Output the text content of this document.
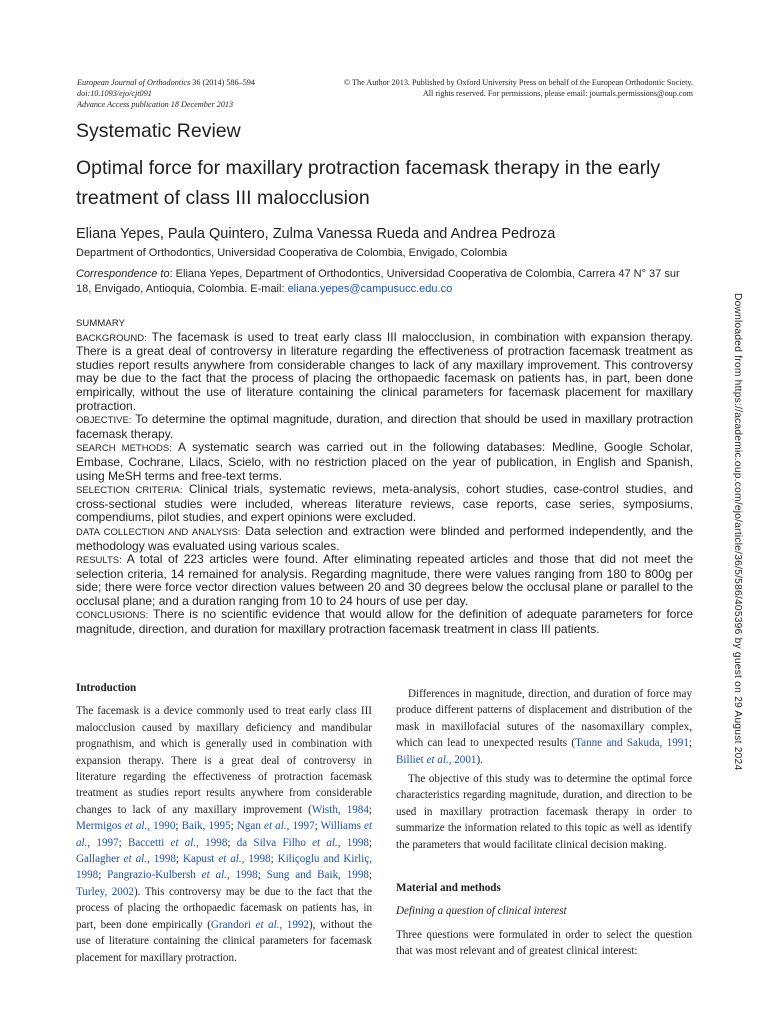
European Journal of Orthodontics 36 (2014) 586–594
doi:10.1093/ejo/cjt091
Advance Access publication 18 December 2013
© The Author 2013. Published by Oxford University Press on behalf of the European Orthodontic Society.
All rights reserved. For permissions, please email: journals.permissions@oup.com
Systematic Review
Optimal force for maxillary protraction facemask therapy in the early treatment of class III malocclusion
Eliana Yepes, Paula Quintero, Zulma Vanessa Rueda and Andrea Pedroza
Department of Orthodontics, Universidad Cooperativa de Colombia, Envigado, Colombia
Correspondence to: Eliana Yepes, Department of Orthodontics, Universidad Cooperativa de Colombia, Carrera 47 N° 37 sur 18, Envigado, Antioquia, Colombia. E-mail: eliana.yepes@campusucc.edu.co
SUMMARY

BACKGROUND: The facemask is used to treat early class III malocclusion, in combination with expansion therapy. There is a great deal of controversy in literature regarding the effectiveness of protraction facemask treatment as studies report results anywhere from considerable changes to lack of any maxillary improvement. This controversy may be due to the fact that the process of placing the orthopaedic facemask on patients has, in part, been done empirically, without the use of literature containing the clinical parameters for facemask placement for maxillary protraction.

OBJECTIVE: To determine the optimal magnitude, duration, and direction that should be used in maxillary protraction facemask therapy.

SEARCH METHODS: A systematic search was carried out in the following databases: Medline, Google Scholar, Embase, Cochrane, Lilacs, Scielo, with no restriction placed on the year of publication, in English and Spanish, using MeSH terms and free-text terms.

SELECTION CRITERIA: Clinical trials, systematic reviews, meta-analysis, cohort studies, case-control studies, and cross-sectional studies were included, whereas literature reviews, case reports, case series, symposiums, compendiums, pilot studies, and expert opinions were excluded.

DATA COLLECTION AND ANALYSIS: Data selection and extraction were blinded and performed independently, and the methodology was evaluated using various scales.

RESULTS: A total of 223 articles were found. After eliminating repeated articles and those that did not meet the selection criteria, 14 remained for analysis. Regarding magnitude, there were values ranging from 180 to 800g per side; there were force vector direction values between 20 and 30 degrees below the occlusal plane or parallel to the occlusal plane; and a duration ranging from 10 to 24 hours of use per day.

CONCLUSIONS: There is no scientific evidence that would allow for the definition of adequate parameters for force magnitude, direction, and duration for maxillary protraction facemask treatment in class III patients.	Downloaded from https://academic.oup.com/ejo/article/36/5/586/405396 by guest on 29 August 2024
Introduction

The facemask is a device commonly used to treat early class III malocclusion caused by maxillary deficiency and mandibular prognathism, and which is generally used in combination with expansion therapy. There is a great deal of controversy in literature regarding the effectiveness of protraction facemask treatment as studies report results anywhere from considerable changes to lack of any maxillary improvement (Wisth, 1984; Mermigos et al., 1990; Baik, 1995; Ngan et al., 1997; Williams et al., 1997; Baccetti et al., 1998; da Silva Filho et al., 1998; Gallagher et al., 1998; Kapust et al., 1998; Kiliçoglu and Kirliç, 1998; Pangrazio-Kulbersh et al., 1998; Sung and Baik, 1998; Turley, 2002). This controversy may be due to the fact that the process of placing the orthopaedic facemask on patients has, in part, been done empirically (Grandori et al., 1992), without the use of literature containing the clinical parameters for facemask placement for maxillary protraction.

Differences in magnitude, direction, and duration of force may produce different patterns of displacement and distribution of the mask in maxillofacial sutures of the nasomaxillary complex, which can lead to unexpected results (Tanne and Sakuda, 1991; Billiet et al., 2001).

The objective of this study was to determine the optimal force characteristics regarding magnitude, duration, and direction to be used in maxillary protraction facemask therapy in order to summarize the information related to this topic as well as identify the parameters that would facilitate clinical decision making.

Material and methods
Defining a question of clinical interest

Three questions were formulated in order to select the question that was most relevant and of greatest clinical interest:
